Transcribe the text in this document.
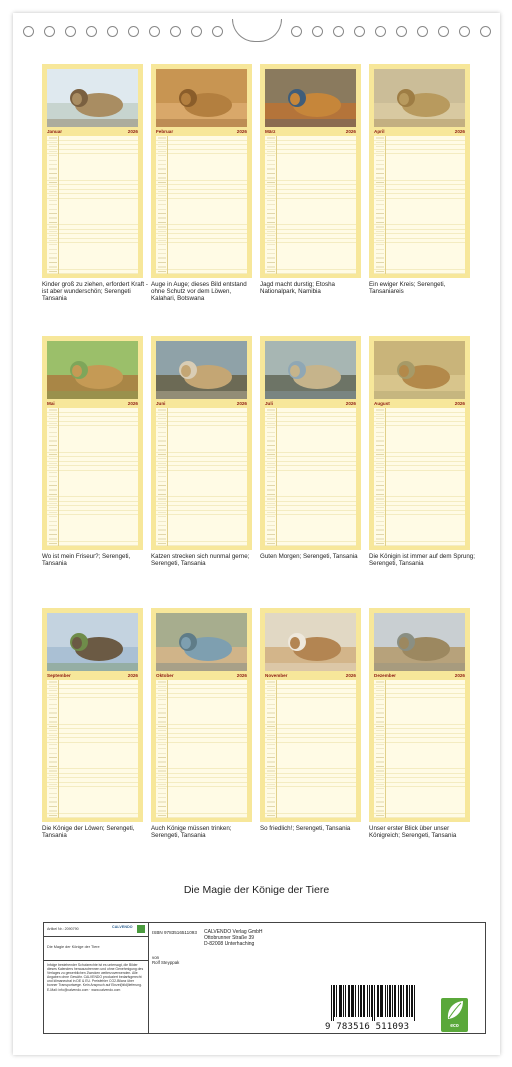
Januar	2026
Kinder groß zu ziehen, erfordert Kraft - ist aber wunderschön; Serengeti Tansania
Februar	2026
Auge in Auge; dieses Bild entstand ohne Schutz vor dem Löwen, Kalahari, Botswana
März	2026
Jagd macht durstig; Etosha Nationalpark, Namibia
April	2026
Ein ewiger Kreis; Serengeti, Tansaniareis
Mai	2026
Wo ist mein Friseur?; Serengeti, Tansania
Juni	2026
Katzen strecken sich nunmal gerne; Serengeti, Tansania
Juli	2026
Guten Morgen; Serengeti, Tansania
August	2026
Die Königin ist immer auf dem Sprung; Serengeti, Tansania
September	2026
Die Könige der Löwen; Serengeti, Tansania
Oktober	2026
Auch Könige müssen trinken; Serengeti, Tansania
November	2026
So friedlich!; Serengeti, Tansania
Dezember	2026
Unser erster Blick über unser Königreich; Serengeti, Tansania
Die Magie der Könige der Tiere
Artikel Nr.: 2090790	CALVENDO
Die Magie der Könige der Tiere
Infolge bestehender Schutzrechte ist es untersagt, die Bilder dieses Kalenders herauszutrennen und ohne Genehmigung des Verlages zu gewerblichen Zwecken weiterzuverwenden. Alle Angaben ohne Gewähr. CALVENDO produziert bedarfsgerecht und klimaneutral in DE & EU. Preisfehler CO2-Bilanz über bonner Transportwege. Kein Anspruch auf Einzel(bild)lieferung. E-Mail: info@calvendo.com · www.calvendo.com
ISBN 9783516511093
von
Rolf Steyppak
CALVENDO Verlag GmbH
Ottobrunner Straße 39
D-82008 Unterhaching
9 783516 511093	eco
